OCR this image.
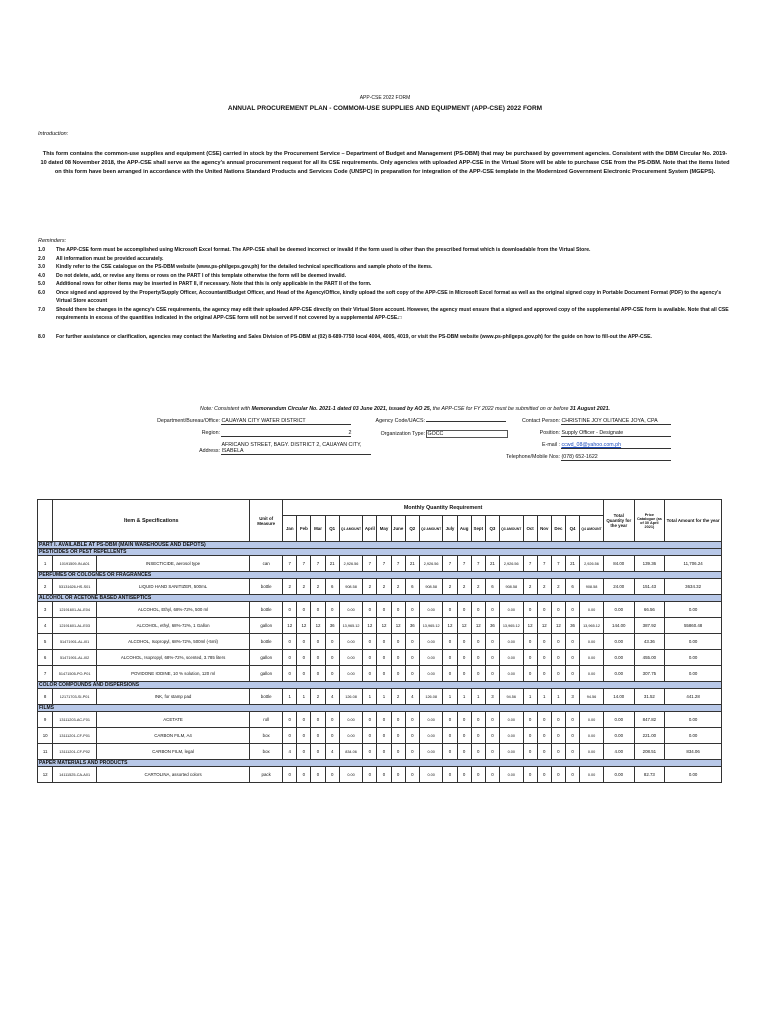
APP-CSE 2022 FORM
ANNUAL PROCUREMENT PLAN - COMMOM-USE SUPPLIES AND EQUIPMENT (APP-CSE) 2022 FORM
Introduction:
This form contains the common-use supplies and equipment (CSE) carried in stock by the Procurement Service – Department of Budget and Management (PS-DBM) that may be purchased by government agencies. Consistent with the DBM Circular No. 2019-10 dated 08 November 2018, the APP-CSE shall serve as the agency's annual procurement request for all its CSE requirements. Only agencies with uploaded APP-CSE in the Virtual Store will be able to purchase CSE from the PS-DBM. Note that the items listed on this form have been arranged in accordance with the United Nations Standard Products and Services Code (UNSPC) in preparation for integration of the APP-CSE template in the Modernized Government Electronic Procurement System (MGEPS).
Reminders:
1.0	The APP-CSE form must be accomplished using Microsoft Excel format. The APP-CSE shall be deemed incorrect or invalid if the form used is other than the prescribed format which is downloadable from the Virtual Store.
2.0	All information must be provided accurately.
3.0	Kindly refer to the CSE catalogue on the PS-DBM website (www.ps-philgeps.gov.ph) for the detailed technical specifications and sample photo of the items.
4.0	Do not delete, add, or revise any items or rows on the PART I of this template otherwise the form will be deemed invalid.
5.0	Additional rows for other items may be inserted in PART II, if necessary. Note that this is only applicable in the PART II of the form.
6.0	Once signed and approved by the Property/Supply Officer, Accountant/Budget Officer, and Head of the Agency/Office, kindly upload the soft copy of the APP-CSE in Microsoft Excel format as well as the original signed copy in Portable Document Format (PDF) to the agency's Virtual Store account
7.0	Should there be changes in the agency's CSE requirements, the agency may edit their uploaded APP-CSE directly on their Virtual Store account. However, the agency must ensure that a signed and approved copy of the supplemental APP-CSE form is available. Note that all CSE requirements in excess of the quantities indicated in the original APP-CSE form will not be served if not covered by a supplemental APP-CSE.□
8.0	For further assistance or clarification, agencies may contact the Marketing and Sales Division of PS-DBM at (02) 8-689-7750 local 4004, 4005, 4019, or visit the PS-DBM website (www.ps-philgeps.gov.ph) for the guide on how to fill-out the APP-CSE.
Note: Consistent with Memorandum Circular No. 2021-1 dated 03 June 2021, issued by AO 25, the APP-CSE for FY 2022 must be submitted on or before 31 August 2021.
Department/Bureau/Office: CAUAYAN CITY WATER DISTRICT
Region:	2
Address: AFRICANO STREET, BAGY. DISTRICT 2, CAUAYAN CITY, ISABELA
Agency Code/UACS:
Organization Type: GOCC
Contact Person: CHRISTINE JOY OLITANCE JOYA, CPA
Position: Supply Officer - Designate
E-mail : ccwd_08@yahoo.com.ph
Telephone/Mobile Nos: (078) 652-1622
	Item & Specifications		Unit of Measure	Monthly Quantity Requirement																				Total Quantity for the year	Price Catalogue (as of 30 April 2021)	Total Amount for the year
				Jan	Feb	Mar	Q1	Q1 AMOUNT	April	May	June	Q2	Q2 AMOUNT	July	Aug	Sept	Q3	Q3 AMOUNT	Oct	Nov	Dec	Q4	Q4 AMOUNT			
PART I. AVAILABLE AT PS-DBM (MAIN WAREHOUSE AND DEPOTS)																										
PESTICIDES OR PEST REPELLENTS																										
1	10191509-IN-A01	INSECTICIDE, aerosol type	can	7	7	7	21	2,926.56	7	7	7	21	2,926.56	7	7	7	21	2,926.56	7	7	7	21	2,926.56	84.00	139.36	11,706.24
PERFUMES OR COLOGNES OR FRAGRANCES																										
2	53131626-HS-S01	LIQUID HAND SANITIZER, 500mL	bottle	2	2	2	6	908.58	2	2	2	6	908.58	2	2	2	6	908.58	2	2	2	6	908.58	24.00	151.43	3634.32
ALCOHOL OR ACETONE BASED ANTISEPTICS																										
3	12191601-AL-E04	ALCOHOL, Ethyl, 68%-72%, 500 ml	bottle	0	0	0	0	0.00	0	0	0	0	0.00	0	0	0	0	0.00	0	0	0	0	0.00	0.00	66.56	0.00
4	12191601-AL-E03	ALCOHOL, ethyl, 68%-72%, 1 Gallon	gallon	12	12	12	36	13,965.12	12	12	12	36	13,965.12	12	12	12	36	13,965.12	12	12	12	36	13,965.12	144.00	387.92	55860.48
5	51471901-AL-I01	ALCOHOL, Isopropyl, 68%-72%, 500ml (-5ml)	bottle	0	0	0	0	0.00	0	0	0	0	0.00	0	0	0	0	0.00	0	0	0	0	0.00	0.00	43.36	0.00
6	51471901-AL-I02	ALCOHOL, Isopropyl, 68%-72%, scented, 3.785 liters	gallon	0	0	0	0	0.00	0	0	0	0	0.00	0	0	0	0	0.00	0	0	0	0	0.00	0.00	455.00	0.00
7	51471505-PO-P01	POVIDONE IODINE, 10 % solution, 120 ml	gallon	0	0	0	0	0.00	0	0	0	0	0.00	0	0	0	0	0.00	0	0	0	0	0.00	0.00	307.75	0.00
COLOR COMPOUNDS AND DISPERSIONS																										
8	12171703-SI-P01	INK, for stamp pad	bottle	1	1	2	4	126.08	1	1	2	4	126.08	1	1	1	3	94.56	1	1	1	3	94.56	14.00	31.52	441.28
FILMS																										
9	13111203-AC-F01	ACETATE	roll	0	0	0	0	0.00	0	0	0	0	0.00	0	0	0	0	0.00	0	0	0	0	0.00	0.00	847.82	0.00
10	13111201-CF-P01	CARBON FILM, A4	box	0	0	0	0	0.00	0	0	0	0	0.00	0	0	0	0	0.00	0	0	0	0	0.00	0.00	221.00	0.00
11	13111201-CF-P02	CARBON FILM, legal	box	4	0	0	4	834.06	0	0	0	0	0.00	0	0	0	0	0.00	0	0	0	0	0.00	4.00	208.51	834.06
PAPER MATERIALS AND PRODUCTS																										
12	14111525-CA-A01	CARTOLINA, assorted colors	pack	0	0	0	0	0.00	0	0	0	0	0.00	0	0	0	0	0.00	0	0	0	0	0.00	0.00	82.73	0.00
